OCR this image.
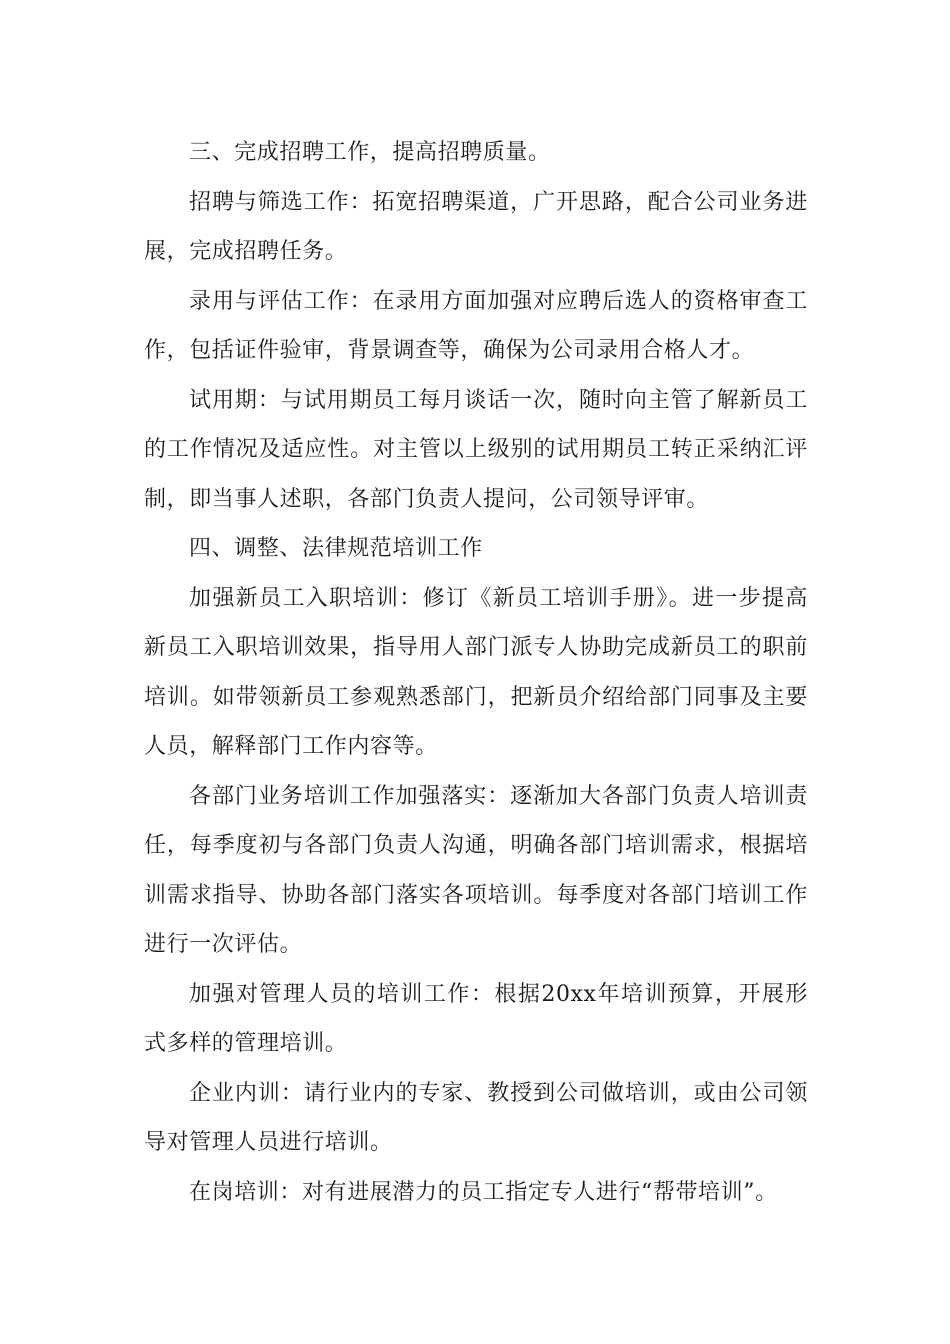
三、完成招聘工作，提高招聘质量。

招聘与筛选工作：拓宽招聘渠道，广开思路，配合公司业务进展，完成招聘任务。

录用与评估工作：在录用方面加强对应聘后选人的资格审查工作，包括证件验审，背景调查等，确保为公司录用合格人才。

试用期：与试用期员工每月谈话一次，随时向主管了解新员工的工作情况及适应性。对主管以上级别的试用期员工转正采纳汇评制，即当事人述职，各部门负责人提问，公司领导评审。

四、调整、法律规范培训工作

加强新员工入职培训：修订《新员工培训手册》。进一步提高新员工入职培训效果，指导用人部门派专人协助完成新员工的职前培训。如带领新员工参观熟悉部门，把新员介绍给部门同事及主要人员，解释部门工作内容等。

各部门业务培训工作加强落实：逐渐加大各部门负责人培训责任，每季度初与各部门负责人沟通，明确各部门培训需求，根据培训需求指导、协助各部门落实各项培训。每季度对各部门培训工作进行一次评估。

加强对管理人员的培训工作：根据20xx年培训预算，开展形式多样的管理培训。

企业内训：请行业内的专家、教授到公司做培训，或由公司领导对管理人员进行培训。

在岗培训：对有进展潜力的员工指定专人进行“帮带培训”。
